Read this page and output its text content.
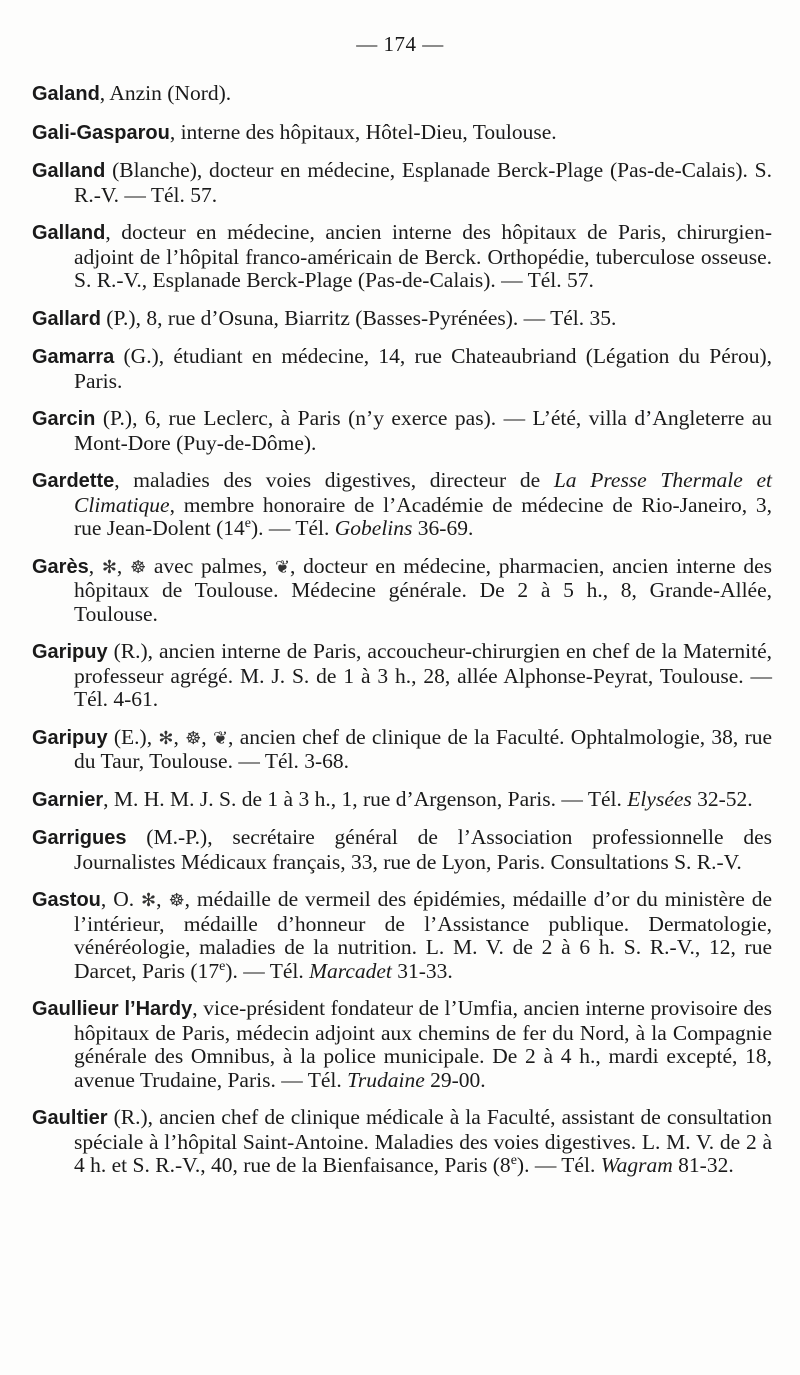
— 174 —

Galand, Anzin (Nord).

Gali-Gasparou, interne des hôpitaux, Hôtel-Dieu, Toulouse.

Galland (Blanche), docteur en médecine, Esplanade Berck-Plage (Pas-de-Calais). S. R.-V. — Tél. 57.

Galland, docteur en médecine, ancien interne des hôpitaux de Paris, chirurgien-adjoint de l’hôpital franco-américain de Berck. Orthopédie, tuberculose osseuse. S. R.-V., Esplanade Berck-Plage (Pas-de-Calais). — Tél. 57.

Gallard (P.), 8, rue d’Osuna, Biarritz (Basses-Pyrénées). — Tél. 35.

Gamarra (G.), étudiant en médecine, 14, rue Chateaubriand (Légation du Pérou), Paris.

Garcin (P.), 6, rue Leclerc, à Paris (n’y exerce pas). — L’été, villa d’Angleterre au Mont-Dore (Puy-de-Dôme).

Gardette, maladies des voies digestives, directeur de La Presse Thermale et Climatique, membre honoraire de l’Académie de médecine de Rio-Janeiro, 3, rue Jean-Dolent (14e). — Tél. Gobelins 36-69.

Garès, ✻, ☸ avec palmes, ❦, docteur en médecine, pharmacien, ancien interne des hôpitaux de Toulouse. Médecine générale. De 2 à 5 h., 8, Grande-Allée, Toulouse.

Garipuy (R.), ancien interne de Paris, accoucheur-chirurgien en chef de la Maternité, professeur agrégé. M. J. S. de 1 à 3 h., 28, allée Alphonse-Peyrat, Toulouse. — Tél. 4-61.

Garipuy (E.), ✻, ☸, ❦, ancien chef de clinique de la Faculté. Ophtalmologie, 38, rue du Taur, Toulouse. — Tél. 3-68.

Garnier, M. H. M. J. S. de 1 à 3 h., 1, rue d’Argenson, Paris. — Tél. Elysées 32-52.

Garrigues (M.-P.), secrétaire général de l’Association professionnelle des Journalistes Médicaux français, 33, rue de Lyon, Paris. Consultations S. R.-V.

Gastou, O. ✻, ☸, médaille de vermeil des épidémies, médaille d’or du ministère de l’intérieur, médaille d’honneur de l’Assistance publique. Dermatologie, vénéréologie, maladies de la nutrition. L. M. V. de 2 à 6 h. S. R.-V., 12, rue Darcet, Paris (17e). — Tél. Marcadet 31-33.

Gaullieur l’Hardy, vice-président fondateur de l’Umfia, ancien interne provisoire des hôpitaux de Paris, médecin adjoint aux chemins de fer du Nord, à la Compagnie générale des Omnibus, à la police municipale. De 2 à 4 h., mardi excepté, 18, avenue Trudaine, Paris. — Tél. Trudaine 29-00.

Gaultier (R.), ancien chef de clinique médicale à la Faculté, assistant de consultation spéciale à l’hôpital Saint-Antoine. Maladies des voies digestives. L. M. V. de 2 à 4 h. et S. R.-V., 40, rue de la Bienfaisance, Paris (8e). — Tél. Wagram 81-32.
